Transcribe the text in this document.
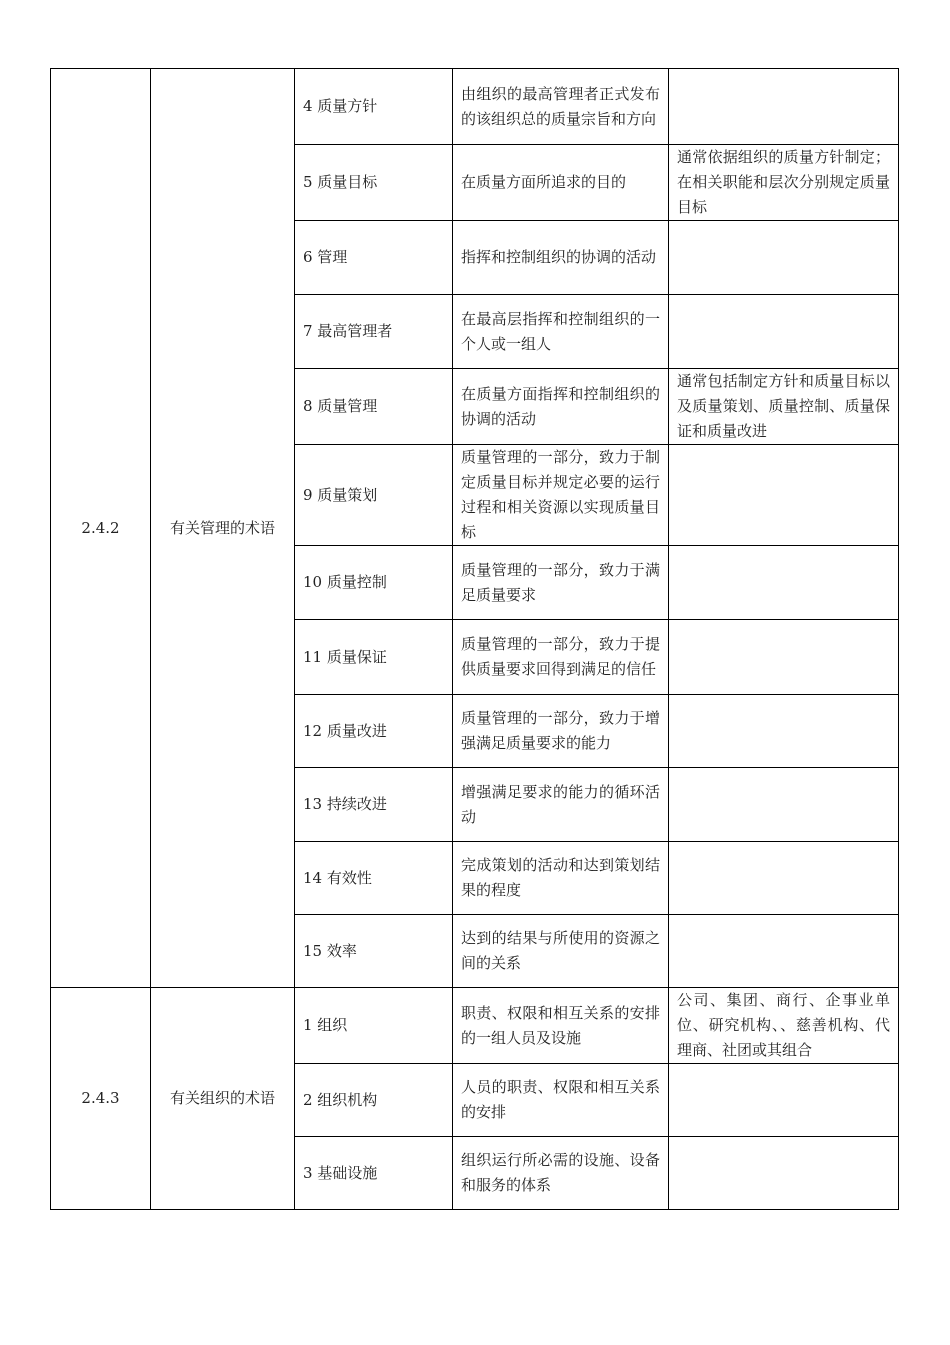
2.4.2	有关管理的术语	4 质量方针	由组织的最高管理者正式发布的该组织总的质量宗旨和方向	
		5 质量目标	在质量方面所追求的目的	通常依据组织的质量方针制定；在相关职能和层次分别规定质量目标
		6 管理	指挥和控制组织的协调的活动	
		7 最高管理者	在最高层指挥和控制组织的一个人或一组人	
		8 质量管理	在质量方面指挥和控制组织的协调的活动	通常包括制定方针和质量目标以及质量策划、质量控制、质量保证和质量改进
		9 质量策划	质量管理的一部分，致力于制定质量目标并规定必要的运行过程和相关资源以实现质量目标	
		10 质量控制	质量管理的一部分，致力于满足质量要求	
		11 质量保证	质量管理的一部分，致力于提供质量要求回得到满足的信任	
		12 质量改进	质量管理的一部分，致力于增强满足质量要求的能力	
		13 持续改进	增强满足要求的能力的循环活动	
		14 有效性	完成策划的活动和达到策划结果的程度	
		15 效率	达到的结果与所使用的资源之间的关系	
2.4.3	有关组织的术语	1 组织	职责、权限和相互关系的安排的一组人员及设施	公司、集团、商行、企事业单位、研究机构、、慈善机构、代理商、社团或其组合
		2 组织机构	人员的职责、权限和相互关系的安排	
		3 基础设施	组织运行所必需的设施、设备和服务的体系	
